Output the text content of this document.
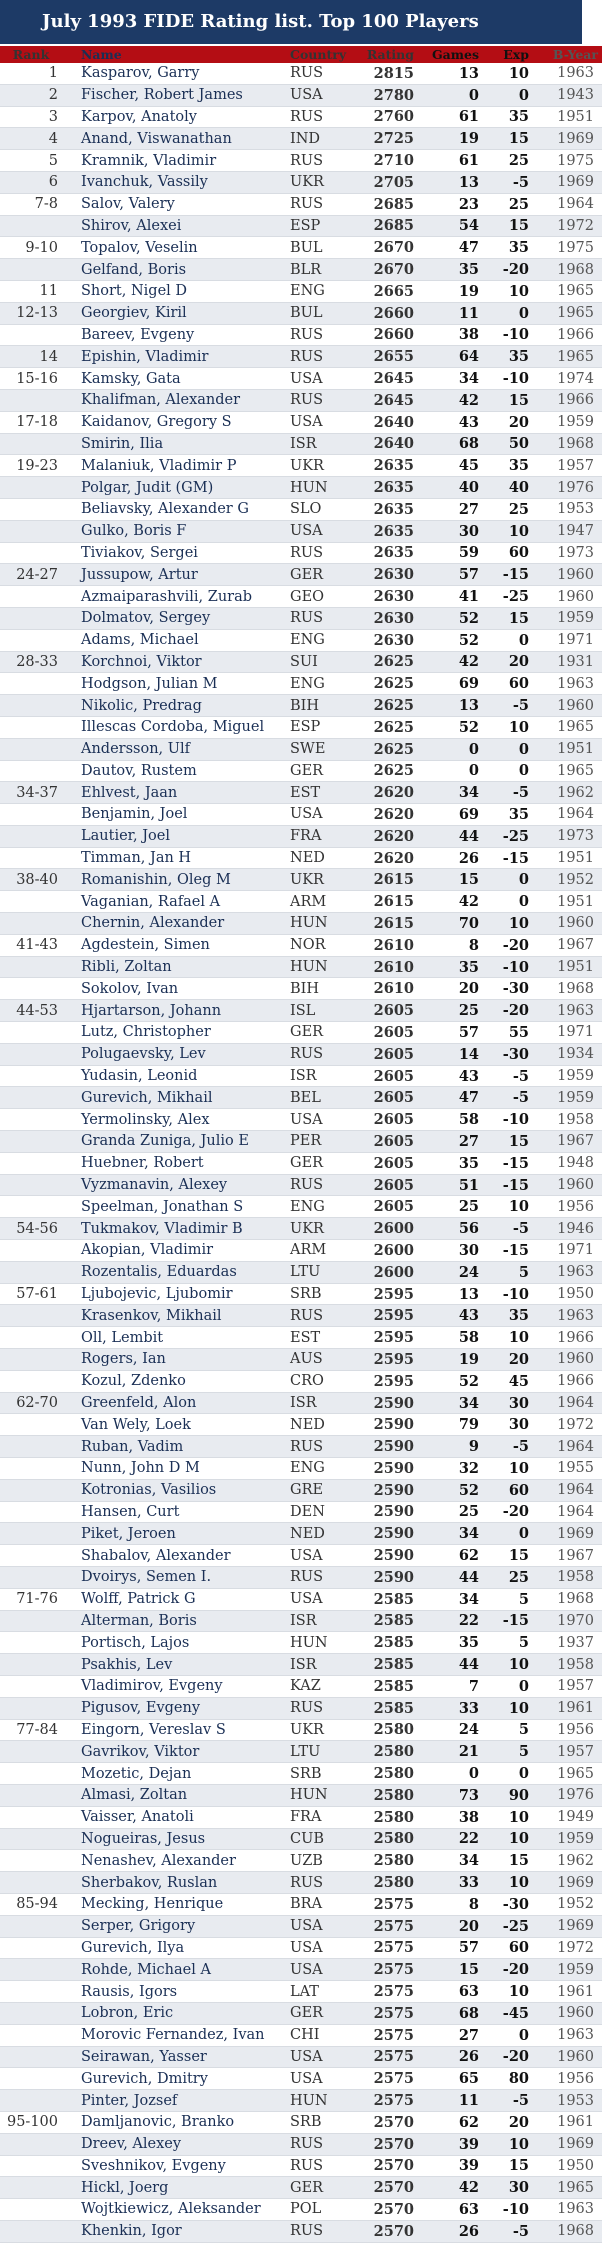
July 1993 FIDE Rating list. Top 100 Players
Rank	Name	Country	Rating	Games	Exp	B-Year
1	Kasparov, Garry	RUS	2815	13	10	1963
2	Fischer, Robert James	USA	2780	0	0	1943
3	Karpov, Anatoly	RUS	2760	61	35	1951
4	Anand, Viswanathan	IND	2725	19	15	1969
5	Kramnik, Vladimir	RUS	2710	61	25	1975
6	Ivanchuk, Vassily	UKR	2705	13	-5	1969
7-8	Salov, Valery	RUS	2685	23	25	1964
	Shirov, Alexei	ESP	2685	54	15	1972
9-10	Topalov, Veselin	BUL	2670	47	35	1975
	Gelfand, Boris	BLR	2670	35	-20	1968
11	Short, Nigel D	ENG	2665	19	10	1965
12-13	Georgiev, Kiril	BUL	2660	11	0	1965
	Bareev, Evgeny	RUS	2660	38	-10	1966
14	Epishin, Vladimir	RUS	2655	64	35	1965
15-16	Kamsky, Gata	USA	2645	34	-10	1974
	Khalifman, Alexander	RUS	2645	42	15	1966
17-18	Kaidanov, Gregory S	USA	2640	43	20	1959
	Smirin, Ilia	ISR	2640	68	50	1968
19-23	Malaniuk, Vladimir P	UKR	2635	45	35	1957
	Polgar, Judit (GM)	HUN	2635	40	40	1976
	Beliavsky, Alexander G	SLO	2635	27	25	1953
	Gulko, Boris F	USA	2635	30	10	1947
	Tiviakov, Sergei	RUS	2635	59	60	1973
24-27	Jussupow, Artur	GER	2630	57	-15	1960
	Azmaiparashvili, Zurab	GEO	2630	41	-25	1960
	Dolmatov, Sergey	RUS	2630	52	15	1959
	Adams, Michael	ENG	2630	52	0	1971
28-33	Korchnoi, Viktor	SUI	2625	42	20	1931
	Hodgson, Julian M	ENG	2625	69	60	1963
	Nikolic, Predrag	BIH	2625	13	-5	1960
	Illescas Cordoba, Miguel	ESP	2625	52	10	1965
	Andersson, Ulf	SWE	2625	0	0	1951
	Dautov, Rustem	GER	2625	0	0	1965
34-37	Ehlvest, Jaan	EST	2620	34	-5	1962
	Benjamin, Joel	USA	2620	69	35	1964
	Lautier, Joel	FRA	2620	44	-25	1973
	Timman, Jan H	NED	2620	26	-15	1951
38-40	Romanishin, Oleg M	UKR	2615	15	0	1952
	Vaganian, Rafael A	ARM	2615	42	0	1951
	Chernin, Alexander	HUN	2615	70	10	1960
41-43	Agdestein, Simen	NOR	2610	8	-20	1967
	Ribli, Zoltan	HUN	2610	35	-10	1951
	Sokolov, Ivan	BIH	2610	20	-30	1968
44-53	Hjartarson, Johann	ISL	2605	25	-20	1963
	Lutz, Christopher	GER	2605	57	55	1971
	Polugaevsky, Lev	RUS	2605	14	-30	1934
	Yudasin, Leonid	ISR	2605	43	-5	1959
	Gurevich, Mikhail	BEL	2605	47	-5	1959
	Yermolinsky, Alex	USA	2605	58	-10	1958
	Granda Zuniga, Julio E	PER	2605	27	15	1967
	Huebner, Robert	GER	2605	35	-15	1948
	Vyzmanavin, Alexey	RUS	2605	51	-15	1960
	Speelman, Jonathan S	ENG	2605	25	10	1956
54-56	Tukmakov, Vladimir B	UKR	2600	56	-5	1946
	Akopian, Vladimir	ARM	2600	30	-15	1971
	Rozentalis, Eduardas	LTU	2600	24	5	1963
57-61	Ljubojevic, Ljubomir	SRB	2595	13	-10	1950
	Krasenkov, Mikhail	RUS	2595	43	35	1963
	Oll, Lembit	EST	2595	58	10	1966
	Rogers, Ian	AUS	2595	19	20	1960
	Kozul, Zdenko	CRO	2595	52	45	1966
62-70	Greenfeld, Alon	ISR	2590	34	30	1964
	Van Wely, Loek	NED	2590	79	30	1972
	Ruban, Vadim	RUS	2590	9	-5	1964
	Nunn, John D M	ENG	2590	32	10	1955
	Kotronias, Vasilios	GRE	2590	52	60	1964
	Hansen, Curt	DEN	2590	25	-20	1964
	Piket, Jeroen	NED	2590	34	0	1969
	Shabalov, Alexander	USA	2590	62	15	1967
	Dvoirys, Semen I.	RUS	2590	44	25	1958
71-76	Wolff, Patrick G	USA	2585	34	5	1968
	Alterman, Boris	ISR	2585	22	-15	1970
	Portisch, Lajos	HUN	2585	35	5	1937
	Psakhis, Lev	ISR	2585	44	10	1958
	Vladimirov, Evgeny	KAZ	2585	7	0	1957
	Pigusov, Evgeny	RUS	2585	33	10	1961
77-84	Eingorn, Vereslav S	UKR	2580	24	5	1956
	Gavrikov, Viktor	LTU	2580	21	5	1957
	Mozetic, Dejan	SRB	2580	0	0	1965
	Almasi, Zoltan	HUN	2580	73	90	1976
	Vaisser, Anatoli	FRA	2580	38	10	1949
	Nogueiras, Jesus	CUB	2580	22	10	1959
	Nenashev, Alexander	UZB	2580	34	15	1962
	Sherbakov, Ruslan	RUS	2580	33	10	1969
85-94	Mecking, Henrique	BRA	2575	8	-30	1952
	Serper, Grigory	USA	2575	20	-25	1969
	Gurevich, Ilya	USA	2575	57	60	1972
	Rohde, Michael A	USA	2575	15	-20	1959
	Rausis, Igors	LAT	2575	63	10	1961
	Lobron, Eric	GER	2575	68	-45	1960
	Morovic Fernandez, Ivan	CHI	2575	27	0	1963
	Seirawan, Yasser	USA	2575	26	-20	1960
	Gurevich, Dmitry	USA	2575	65	80	1956
	Pinter, Jozsef	HUN	2575	11	-5	1953
95-100	Damljanovic, Branko	SRB	2570	62	20	1961
	Dreev, Alexey	RUS	2570	39	10	1969
	Sveshnikov, Evgeny	RUS	2570	39	15	1950
	Hickl, Joerg	GER	2570	42	30	1965
	Wojtkiewicz, Aleksander	POL	2570	63	-10	1963
	Khenkin, Igor	RUS	2570	26	-5	1968
